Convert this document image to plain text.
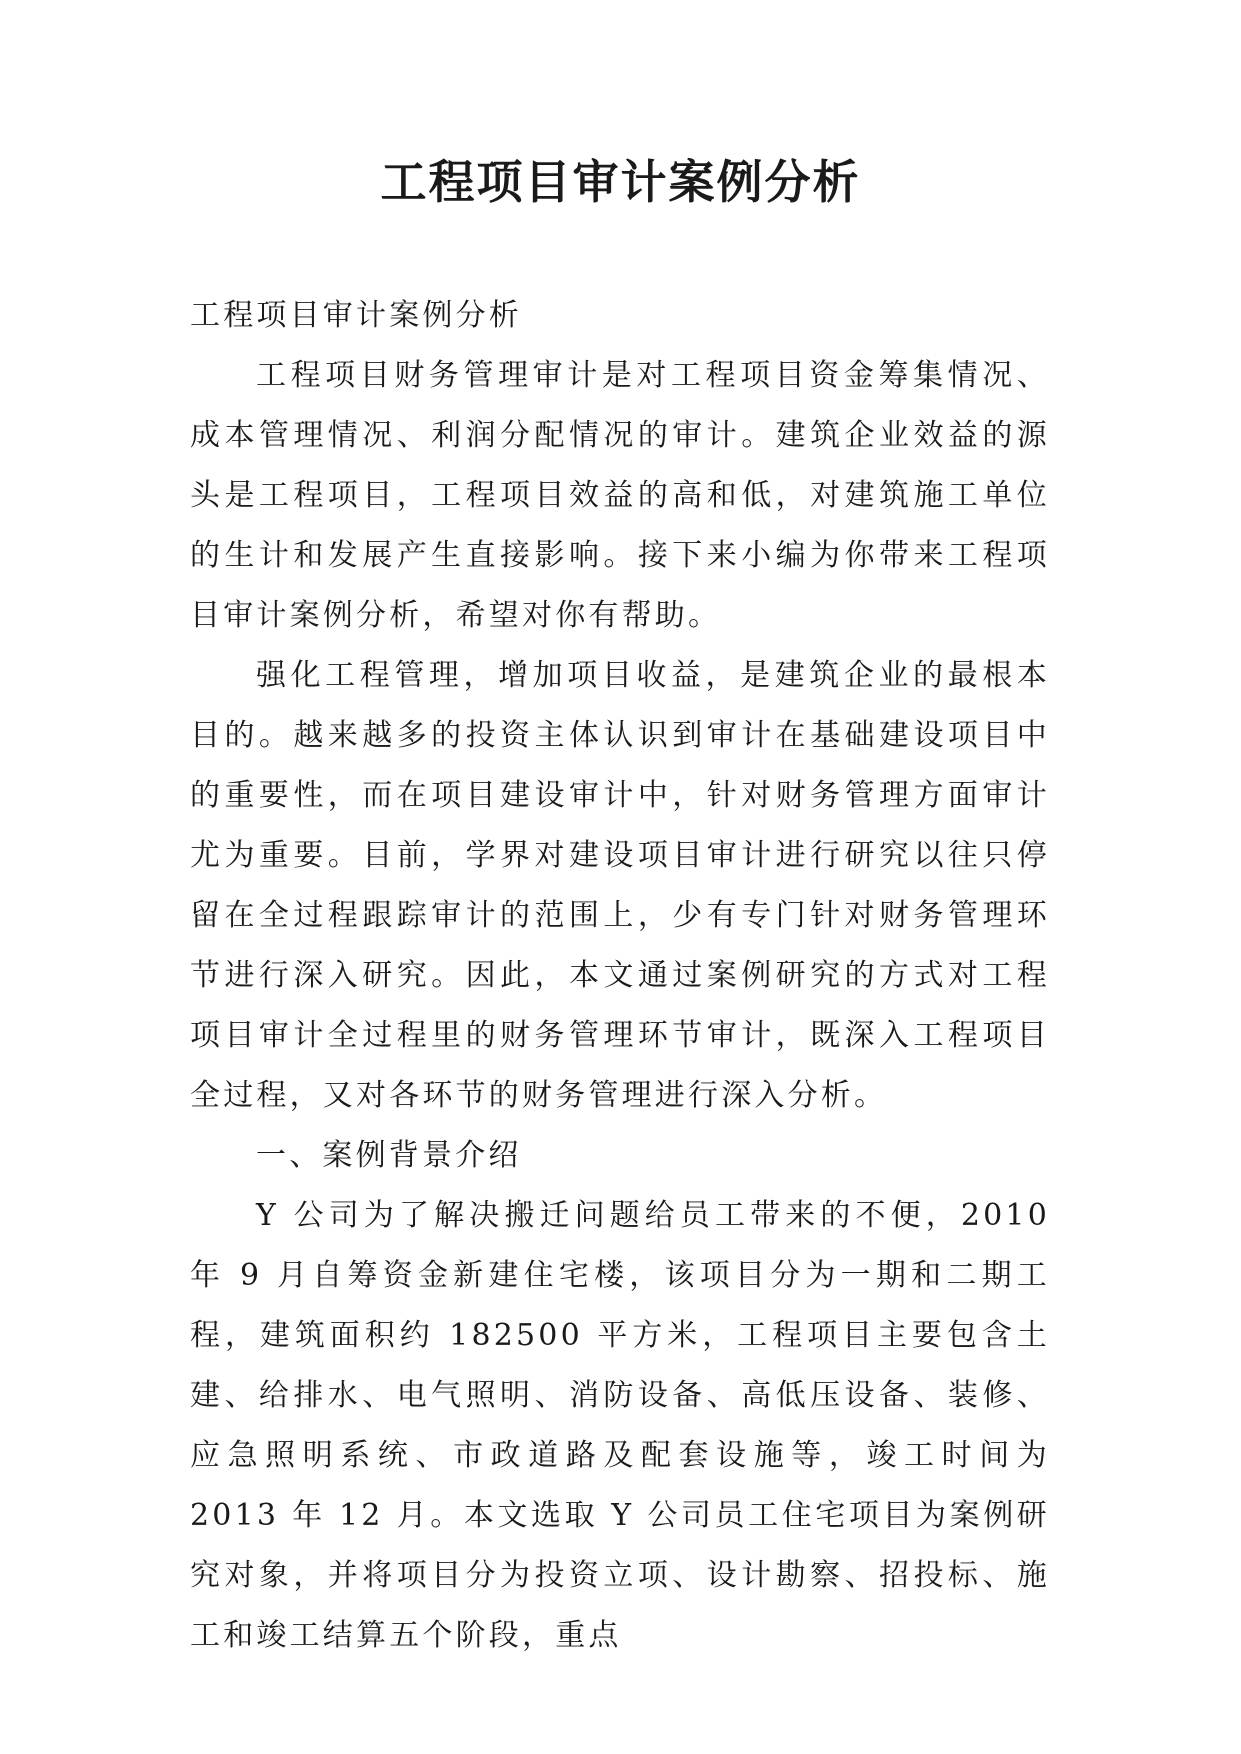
工程项目审计案例分析

工程项目审计案例分析

工程项目财务管理审计是对工程项目资金筹集情况、成本管理情况、利润分配情况的审计。建筑企业效益的源头是工程项目，工程项目效益的高和低，对建筑施工单位的生计和发展产生直接影响。接下来小编为你带来工程项目审计案例分析，希望对你有帮助。

强化工程管理，增加项目收益，是建筑企业的最根本目的。越来越多的投资主体认识到审计在基础建设项目中的重要性，而在项目建设审计中，针对财务管理方面审计尤为重要。目前，学界对建设项目审计进行研究以往只停留在全过程跟踪审计的范围上，少有专门针对财务管理环节进行深入研究。因此，本文通过案例研究的方式对工程项目审计全过程里的财务管理环节审计，既深入工程项目全过程，又对各环节的财务管理进行深入分析。

一、案例背景介绍

Y 公司为了解决搬迁问题给员工带来的不便，2010 年 9 月自筹资金新建住宅楼，该项目分为一期和二期工程，建筑面积约 182500 平方米，工程项目主要包含土建、给排水、电气照明、消防设备、高低压设备、装修、应急照明系统、市政道路及配套设施等，竣工时间为 2013 年 12 月。本文选取 Y 公司员工住宅项目为案例研究对象，并将项目分为投资立项、设计勘察、招投标、施工和竣工结算五个阶段，重点
